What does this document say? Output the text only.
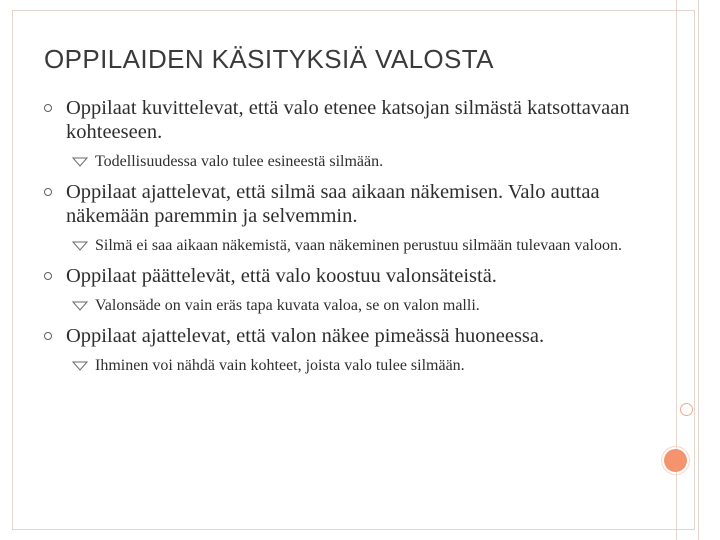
OPPILAIDEN KÄSITYKSIÄ VALOSTA
Oppilaat kuvittelevat, että valo etenee katsojan silmästä katsottavaan kohteeseen.
Todellisuudessa valo tulee esineestä silmään.
Oppilaat ajattelevat, että silmä saa aikaan näkemisen. Valo auttaa näkemään paremmin ja selvemmin.
Silmä ei saa aikaan näkemistä, vaan näkeminen perustuu silmään tulevaan valoon.
Oppilaat päättelevät, että valo koostuu valonsäteistä.
Valonsäde on vain eräs tapa kuvata valoa, se on valon malli.
Oppilaat ajattelevat, että valon näkee pimeässä huoneessa.
Ihminen voi nähdä vain kohteet, joista valo tulee silmään.
